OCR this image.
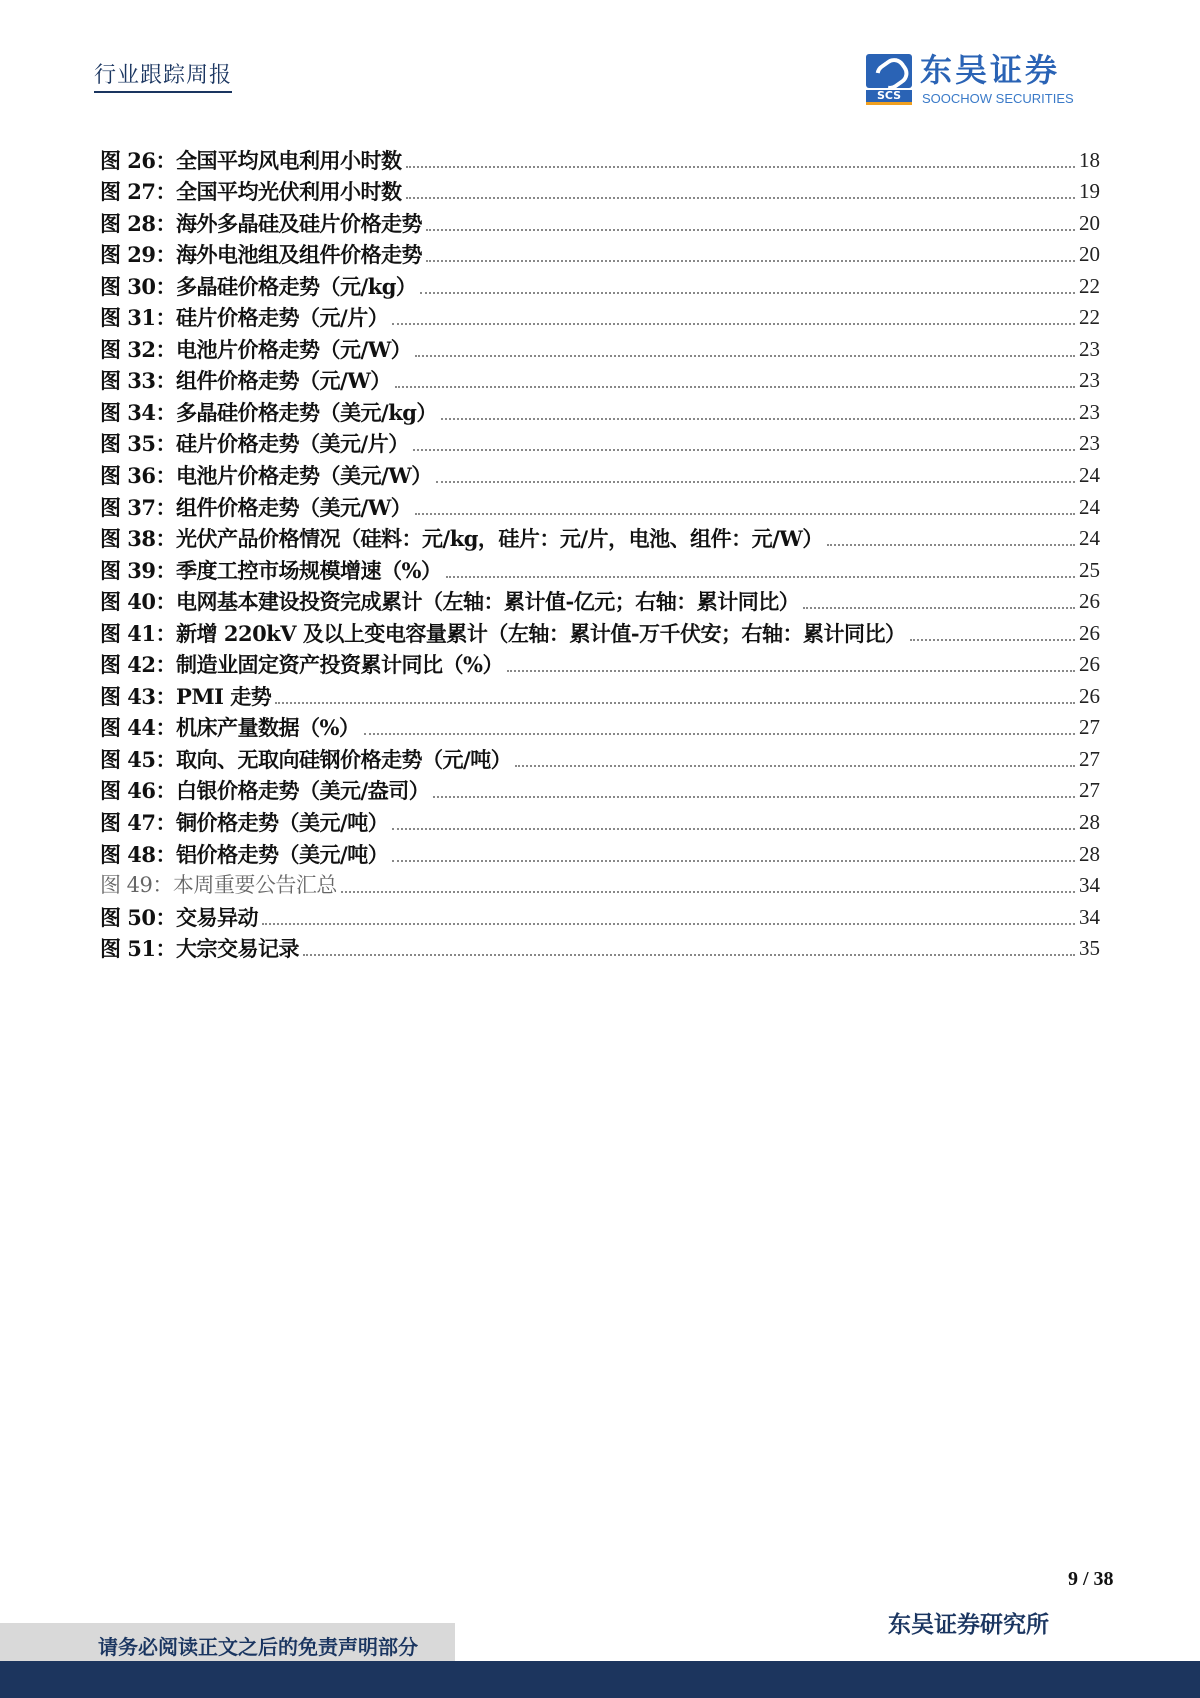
行业跟踪周报
SCS
东吴证券
SOOCHOW SECURITIES
图 26：全国平均风电利用小时数	18
图 27：全国平均光伏利用小时数	19
图 28：海外多晶硅及硅片价格走势	20
图 29：海外电池组及组件价格走势	20
图 30：多晶硅价格走势（元/kg）	22
图 31：硅片价格走势（元/片）	22
图 32：电池片价格走势（元/W）	23
图 33：组件价格走势（元/W）	23
图 34：多晶硅价格走势（美元/kg）	23
图 35：硅片价格走势（美元/片）	23
图 36：电池片价格走势（美元/W）	24
图 37：组件价格走势（美元/W）	24
图 38：光伏产品价格情况（硅料：元/kg，硅片：元/片，电池、组件：元/W）	24
图 39：季度工控市场规模增速（%）	25
图 40：电网基本建设投资完成累计（左轴：累计值-亿元；右轴：累计同比）	26
图 41：新增 220kV 及以上变电容量累计（左轴：累计值-万千伏安；右轴：累计同比）	26
图 42：制造业固定资产投资累计同比（%）	26
图 43：PMI 走势	26
图 44：机床产量数据（%）	27
图 45：取向、无取向硅钢价格走势（元/吨）	27
图 46：白银价格走势（美元/盎司）	27
图 47：铜价格走势（美元/吨）	28
图 48：铝价格走势（美元/吨）	28
图 49：本周重要公告汇总	34
图 50：交易异动	34
图 51：大宗交易记录	35
9 / 38
东吴证券研究所
请务必阅读正文之后的免责声明部分
